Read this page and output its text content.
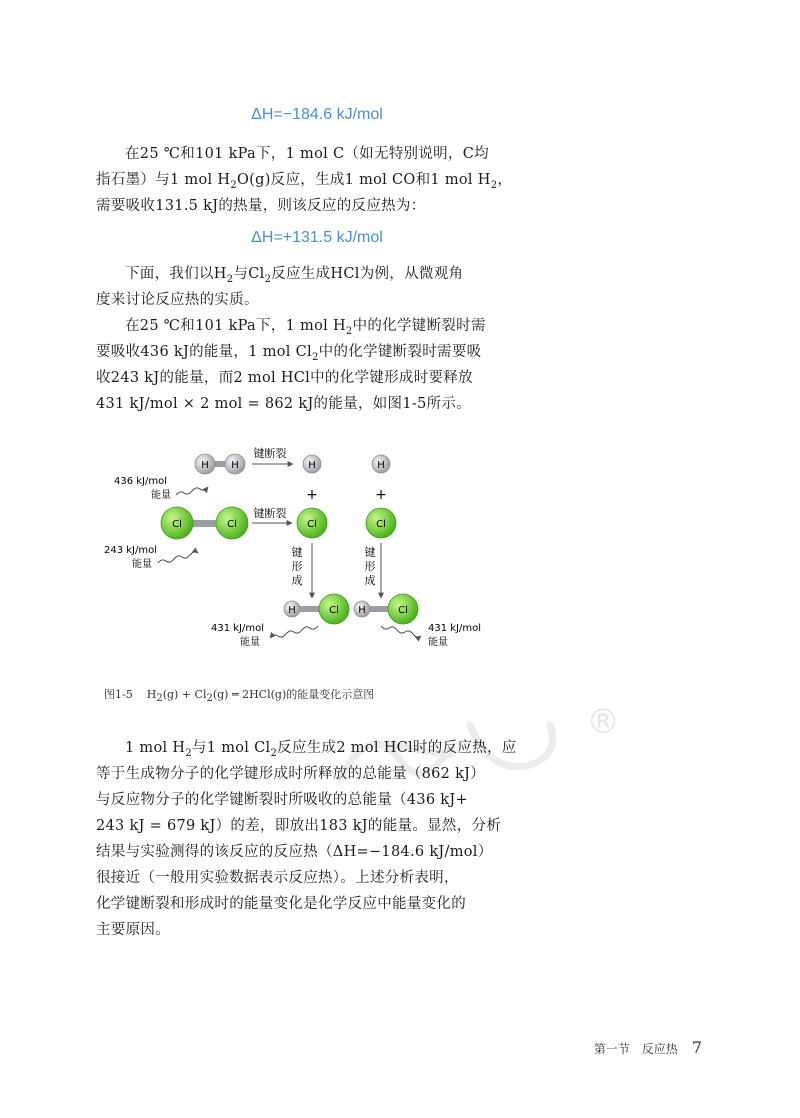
ΔH=−184.6 kJ/mol
在25 ℃和101 kPa下，1 mol C（如无特别说明，C均
指石墨）与1 mol $H_2O(g)$反应，生成1 mol CO和1 mol $H_2$，
需要吸收131.5 kJ的热量，则该反应的反应热为：
ΔH=+131.5 kJ/mol
下面，我们以$H_2$与$Cl_2$反应生成HCl为例，从微观角
度来讨论反应热的实质。
在25 ℃和101 kPa下，1 mol $H_2$中的化学键断裂时需
要吸收436 kJ的能量，1 mol $Cl_2$中的化学键断裂时需要吸
收243 kJ的能量，而2 mol HCl中的化学键形成时要释放
431 kJ/mol × 2 mol = 862 kJ的能量，如图1-5所示。
H H
键断裂
H	H
+	+
436 kJ/mol
能量
Cl	Cl
键断裂
Cl	Cl
243 kJ/mol
能量
键形成
键形成
H	Cl H	Cl
431 kJ/mol
能量
431 kJ/mol
能量
图1-5 $H_2(g) + Cl_2(g)$ ═ 2HCl(g)的能量变化示意图
®
1 mol $H_2$与1 mol $Cl_2$反应生成2 mol HCl时的反应热，应
等于生成物分子的化学键形成时所释放的总能量（862 kJ）
与反应物分子的化学键断裂时所吸收的总能量（436 kJ+
243 kJ = 679 kJ）的差，即放出183 kJ的能量。显然，分析
结果与实验测得的该反应的反应热（ΔH=−184.6 kJ/mol）
很接近（一般用实验数据表示反应热）。上述分析表明，
化学键断裂和形成时的能量变化是化学反应中能量变化的
主要原因。
第一节　反应热 7
